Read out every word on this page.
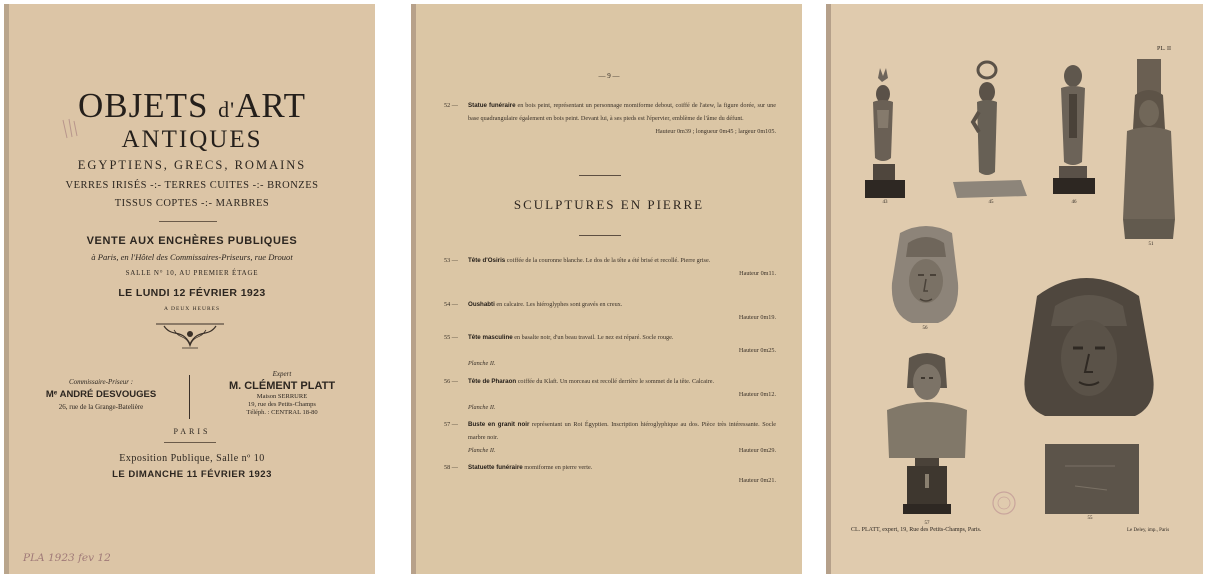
OBJETS d'ART
ANTIQUES
EGYPTIENS, GRECS, ROMAINS
VERRES IRISÉS -:- TERRES CUITES -:- BRONZES
TISSUS COPTES -:- MARBRES
VENTE AUX ENCHÈRES PUBLIQUES
à Paris, en l'Hôtel des Commissaires-Priseurs, rue Drouot
SALLE N° 10, AU PREMIER ÉTAGE
LE LUNDI 12 FÉVRIER 1923
A DEUX HEURES
Commissaire-Priseur :
Mᵉ ANDRÉ DESVOUGES
26, rue de la Grange-Batelière
Expert
M. CLÉMENT PLATT
Maison SERRURE
19, rue des Petits-Champs
Téléph. : CENTRAL 18-80
PARIS
Exposition Publique, Salle nº 10
LE DIMANCHE 11 FÉVRIER 1923
PLA 1923 fev 12
— 9 —
52 —	Statue funéraire en bois peint, représentant un personnage momiforme debout, coiffé de l'atew, la figure dorée, sur une base quadrangulaire également en bois peint. Devant lui, à ses pieds est l'épervier, emblème de l'âme du défunt.
Hauteur 0m39 ; longueur 0m45 ; largeur 0m105.
SCULPTURES EN PIERRE
53 —	Tête d'Osiris coiffée de la couronne blanche. Le dos de la tête a été brisé et recollé. Pierre grise.
Hauteur 0m11.
54 —	Oushabti en calcaire. Les hiéroglyphes sont gravés en creux.
Hauteur 0m19.
55 —	Tête masculine en basalte noir, d'un beau travail. Le nez est réparé. Socle rouge.
Planche II.
Hauteur 0m25.
56 —	Tête de Pharaon coiffée du Klaft. Un morceau est recollé derrière le sommet de la tête. Calcaire.
Planche II.
Hauteur 0m12.
57 —	Buste en granit noir représentant un Roi Égyptien. Inscription hiéroglyphique au dos. Pièce très intéressante. Socle marbre noir.
Planche II.	Hauteur 0m29.
58 —	Statuette funéraire momiforme en pierre verte.
Hauteur 0m21.
PL. II
43	45	46
51
56
57
55
CL. PLATT, expert, 19, Rue des Petits-Champs, Paris.	Le Deley, imp., Paris
